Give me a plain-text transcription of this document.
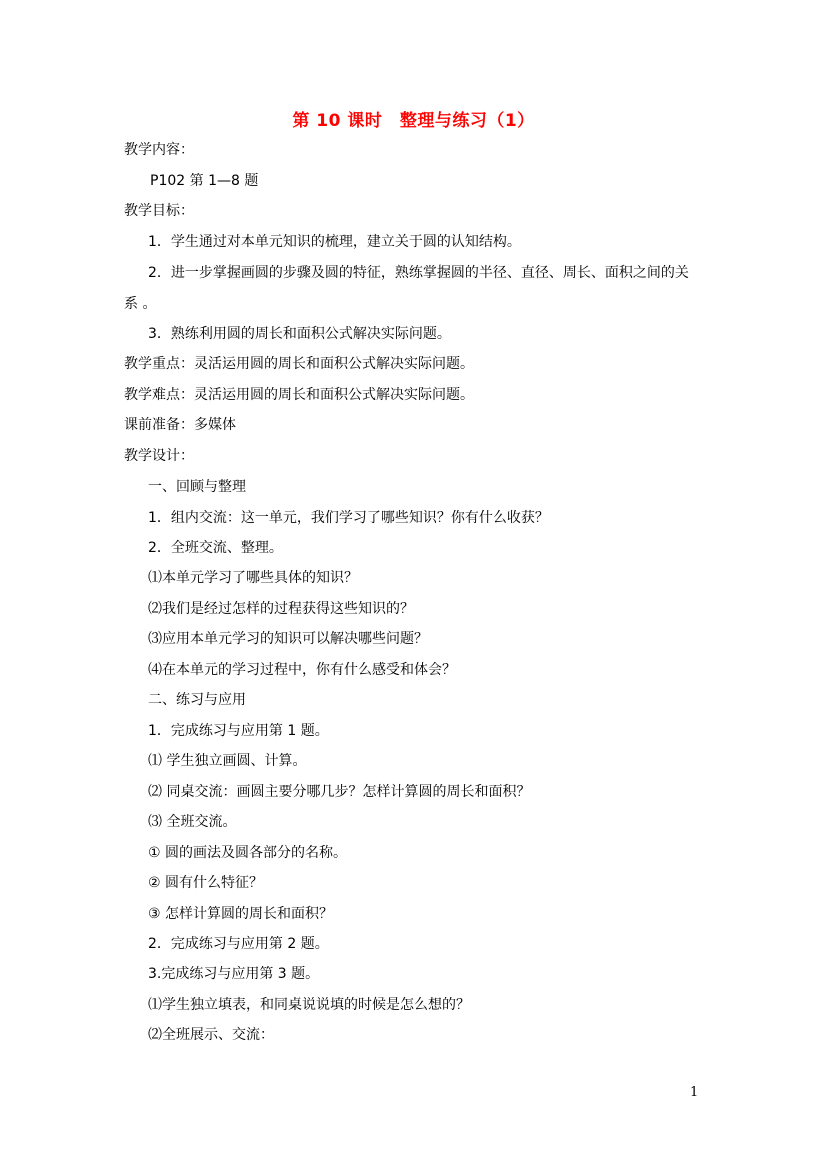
第 10 课时　整理与练习（1）
教学内容：
P102 第 1—8 题
教学目标：
1．学生通过对本单元知识的梳理，建立关于圆的认知结构。
2．进一步掌握画圆的步骤及圆的特征，熟练掌握圆的半径、直径、周长、面积之间的关
系 。
3．熟练利用圆的周长和面积公式解决实际问题。
教学重点：灵活运用圆的周长和面积公式解决实际问题。
教学难点：灵活运用圆的周长和面积公式解决实际问题。
课前准备：多媒体
教学设计：
一、回顾与整理
1．组内交流：这一单元，我们学习了哪些知识？你有什么收获？
2．全班交流、整理。
⑴本单元学习了哪些具体的知识？
⑵我们是经过怎样的过程获得这些知识的？
⑶应用本单元学习的知识可以解决哪些问题？
⑷在本单元的学习过程中，你有什么感受和体会？
二、练习与应用
1．完成练习与应用第 1 题。
⑴ 学生独立画圆、计算。
⑵ 同桌交流：画圆主要分哪几步？怎样计算圆的周长和面积？
⑶ 全班交流。
① 圆的画法及圆各部分的名称。
② 圆有什么特征？
③ 怎样计算圆的周长和面积？
2．完成练习与应用第 2 题。
3.完成练习与应用第 3 题。
⑴学生独立填表，和同桌说说填的时候是怎么想的？
⑵全班展示、交流：
1
